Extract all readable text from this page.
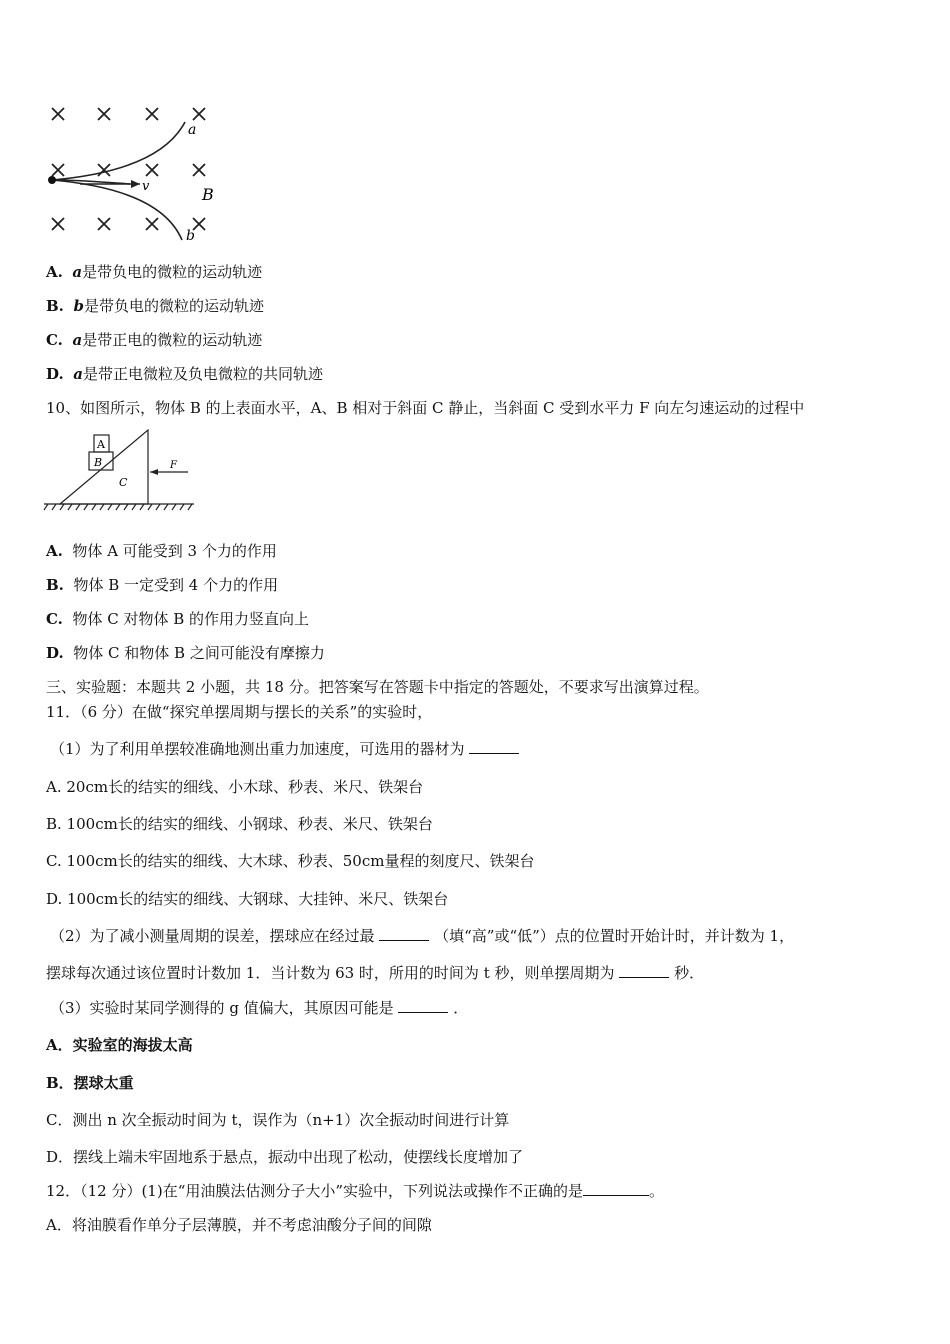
a
v	B
b
A. a是带负电的微粒的运动轨迹
B. b是带负电的微粒的运动轨迹
C. a是带正电的微粒的运动轨迹
D. a是带正电微粒及负电微粒的共同轨迹
10、如图所示，物体 B 的上表面水平，A、B 相对于斜面 C 静止，当斜面 C 受到水平力 F 向左匀速运动的过程中
A
B
C
F
A. 物体 A 可能受到 3 个力的作用
B. 物体 B 一定受到 4 个力的作用
C. 物体 C 对物体 B 的作用力竖直向上
D. 物体 C 和物体 B 之间可能没有摩擦力
三、实验题：本题共 2 小题，共 18 分。把答案写在答题卡中指定的答题处，不要求写出演算过程。
11．（6 分）在做“探究单摆周期与摆长的关系”的实验时，
（1）为了利用单摆较准确地测出重力加速度，可选用的器材为
A. 20cm长的结实的细线、小木球、秒表、米尺、铁架台
B. 100cm长的结实的细线、小钢球、秒表、米尺、铁架台
C. 100cm长的结实的细线、大木球、秒表、50cm量程的刻度尺、铁架台
D. 100cm长的结实的细线、大钢球、大挂钟、米尺、铁架台
（2）为了减小测量周期的误差，摆球应在经过最	（填“高”或“低”）点的位置时开始计时，并计数为 1，
摆球每次通过该位置时计数加 1．当计数为 63 时，所用的时间为 t 秒，则单摆周期为	秒．
（3）实验时某同学测得的 g 值偏大，其原因可能是	．
A．实验室的海拔太高
B．摆球太重
C．测出 n 次全振动时间为 t，误作为（n+1）次全振动时间进行计算
D．摆线上端未牢固地系于悬点，振动中出现了松动，使摆线长度增加了
12．（12 分）(1)在“用油膜法估测分子大小”实验中，下列说法或操作不正确的是	。
A．将油膜看作单分子层薄膜，并不考虑油酸分子间的间隙
